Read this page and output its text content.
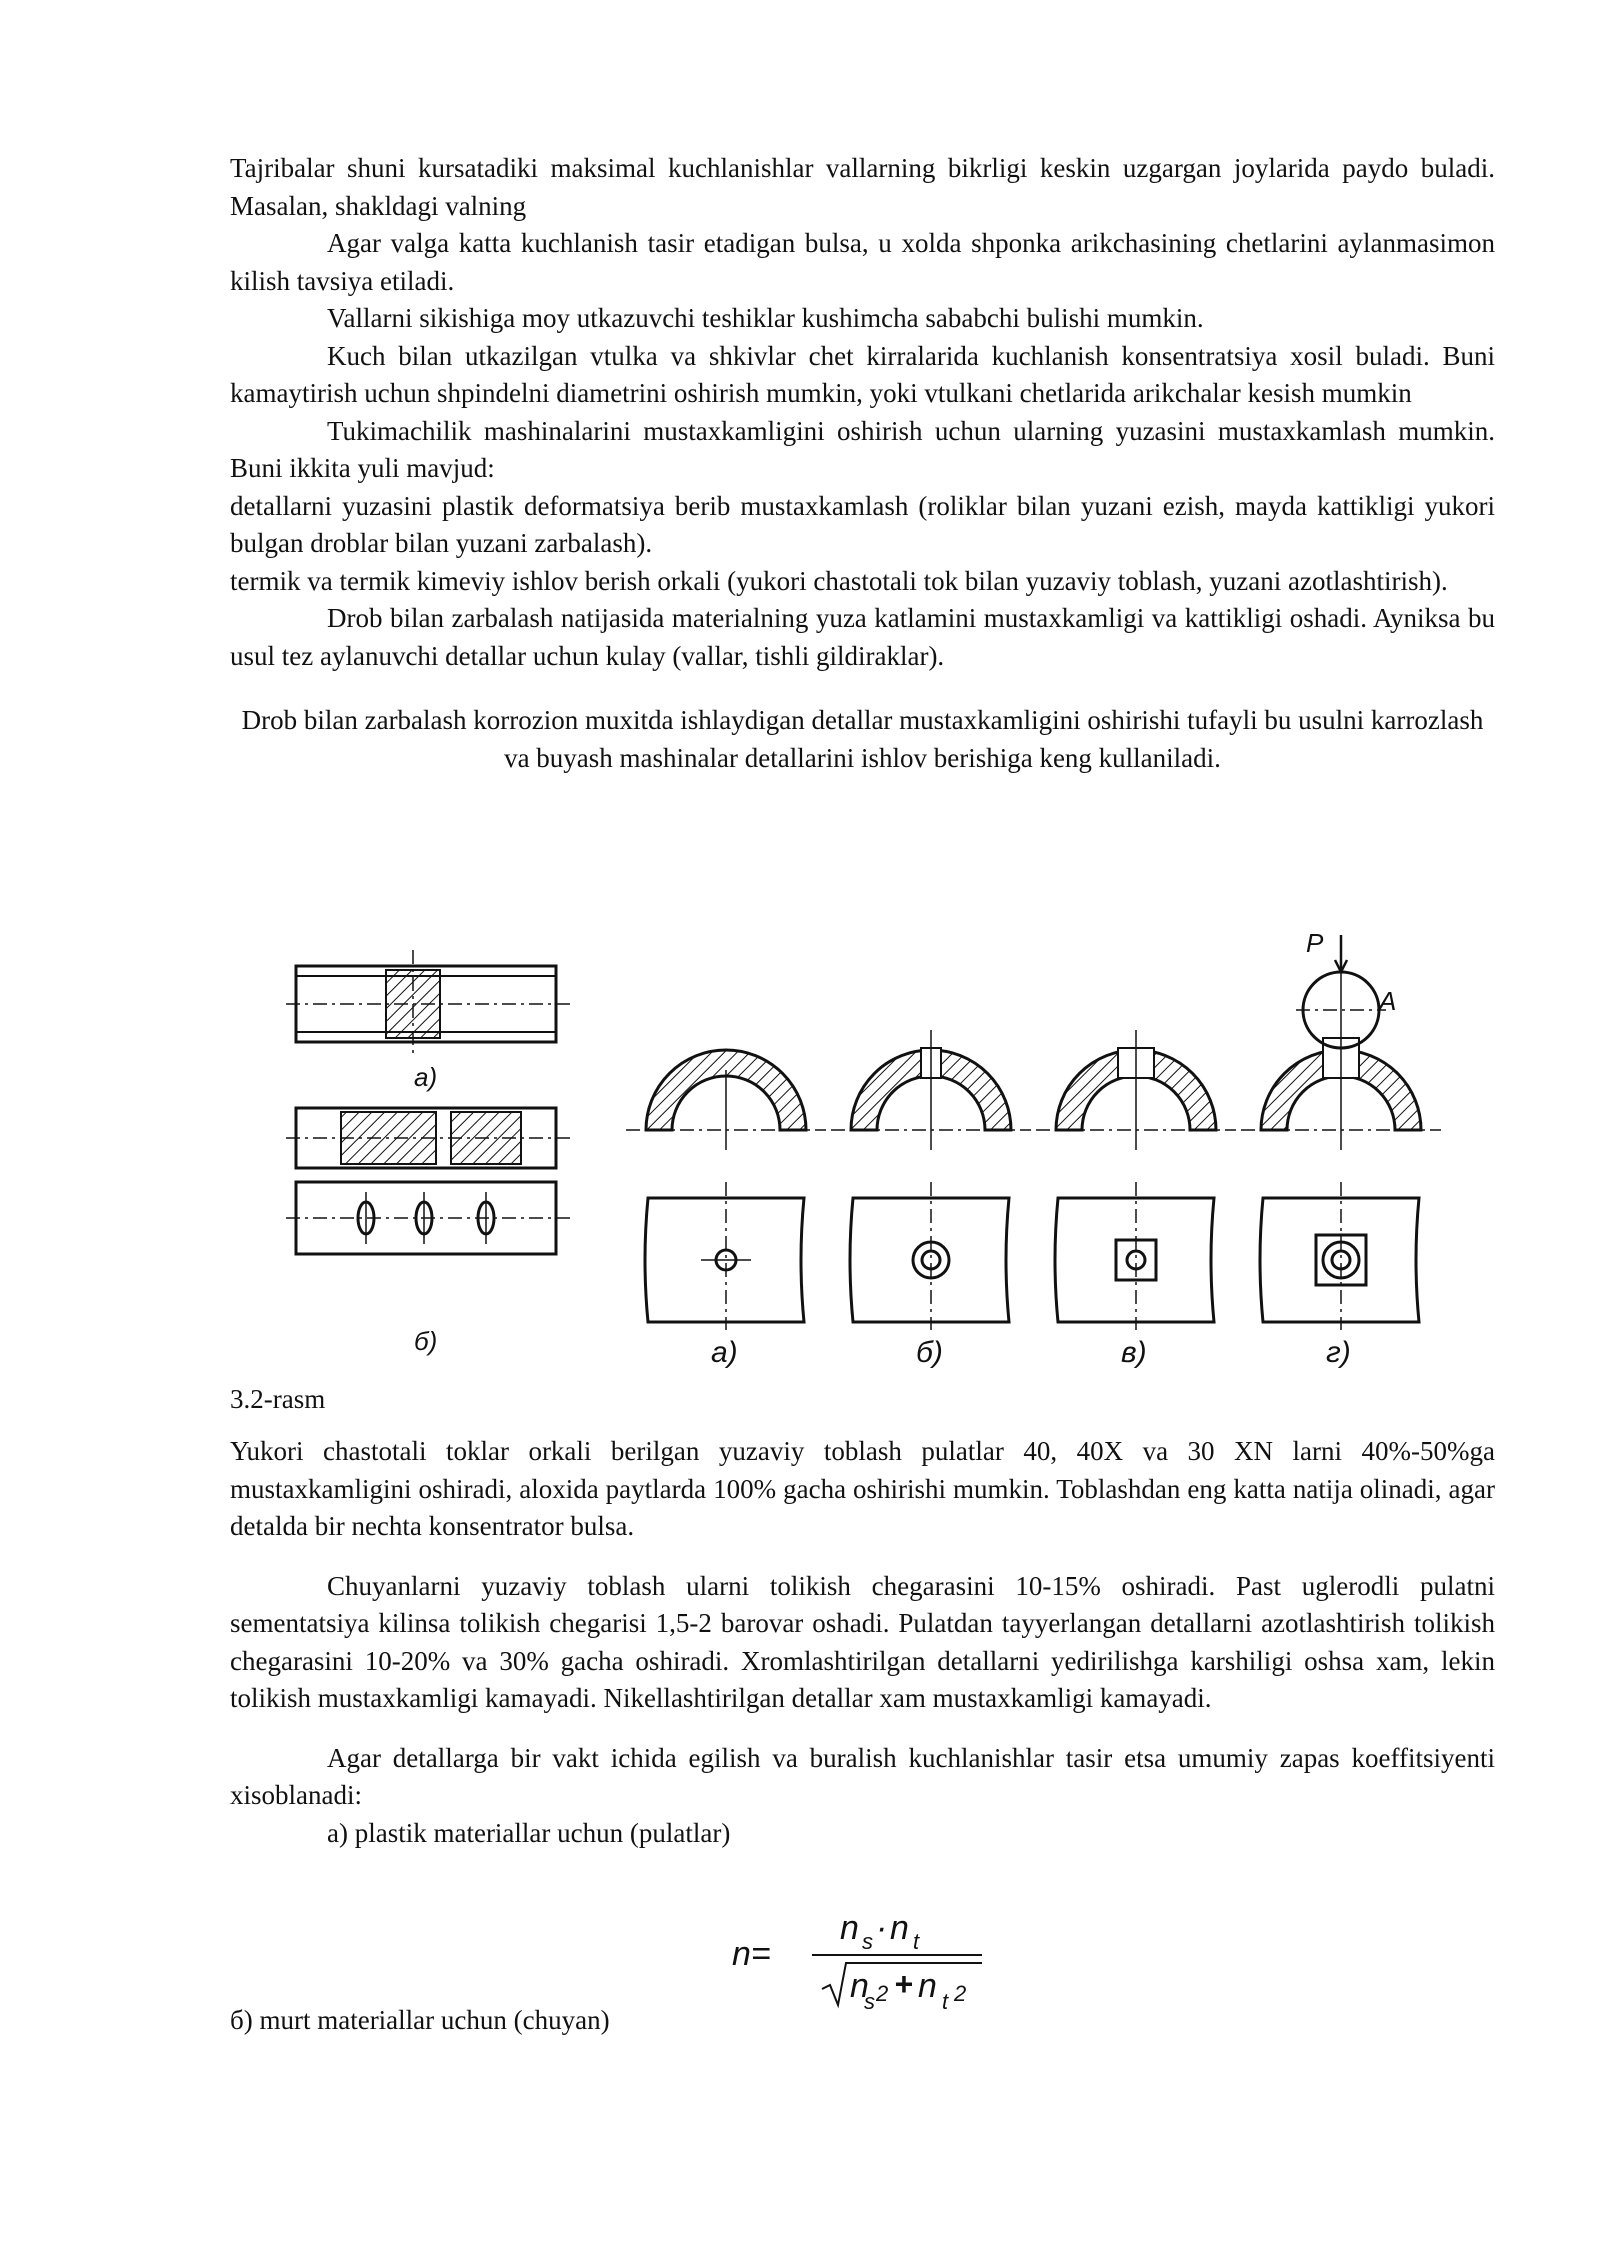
Tajribalar shuni kursatadiki maksimal kuchlanishlar vallarning bikrligi keskin uzgargan joylarida paydo buladi. Masalan, shakldagi valning

Agar valga katta kuchlanish tasir etadigan bulsa, u xolda shponka arikchasining chetlarini aylanmasimon kilish tavsiya etiladi.

Vallarni sikishiga moy utkazuvchi teshiklar kushimcha sababchi bulishi mumkin.

Kuch bilan utkazilgan vtulka va shkivlar chet kirralarida kuchlanish konsentratsiya xosil buladi. Buni kamaytirish uchun shpindelni diametrini oshirish mumkin, yoki vtulkani chetlarida arikchalar kesish mumkin

Tukimachilik mashinalarini mustaxkamligini oshirish uchun ularning yuzasini mustaxkamlash mumkin. Buni ikkita yuli mavjud:

detallarni yuzasini plastik deformatsiya berib mustaxkamlash (roliklar bilan yuzani ezish, mayda kattikligi yukori bulgan droblar bilan yuzani zarbalash).

termik va termik kimeviy ishlov berish orkali (yukori chastotali tok bilan yuzaviy toblash, yuzani azotlashtirish).

Drob bilan zarbalash natijasida materialning yuza katlamini mustaxkamligi va kattikligi oshadi. Ayniksa bu usul tez aylanuvchi detallar uchun kulay (vallar, tishli gildiraklar).

Drob bilan zarbalash korrozion muxitda ishlaydigan detallar mustaxkamligini oshirishi tufayli bu usulni karrozlash va buyash mashinalar detallarini ishlov berishiga keng kullaniladi.

a)
б)	a)	б)	в)	г)
P
A
3.2-rasm

Yukori chastotali toklar orkali berilgan yuzaviy toblash pulatlar 40, 40X va 30 XN larni 40%-50%ga mustaxkamligini oshiradi, aloxida paytlarda 100% gacha oshirishi mumkin. Toblashdan eng katta natija olinadi, agar detalda bir nechta konsentrator bulsa.

Chuyanlarni yuzaviy toblash ularni tolikish chegarasini 10-15% oshiradi. Past uglerodli pulatni sementatsiya kilinsa tolikish chegarisi 1,5-2 barovar oshadi. Pulatdan tayyerlangan detallarni azotlashtirish tolikish chegarasini 10-20% va 30% gacha oshiradi. Xromlashtirilgan detallarni yedirilishga karshiligi oshsa xam, lekin tolikish mustaxkamligi kamayadi. Nikellashtirilgan detallar xam mustaxkamligi kamayadi.

Agar detallarga bir vakt ichida egilish va buralish kuchlanishlar tasir etsa umumiy zapas koeffitsiyenti xisoblanadi:

a) plastik materiallar uchun (pulatlar)

n=
n s · n t
n
s 2 + n t 2
б) murt materiallar uchun (chuyan)
